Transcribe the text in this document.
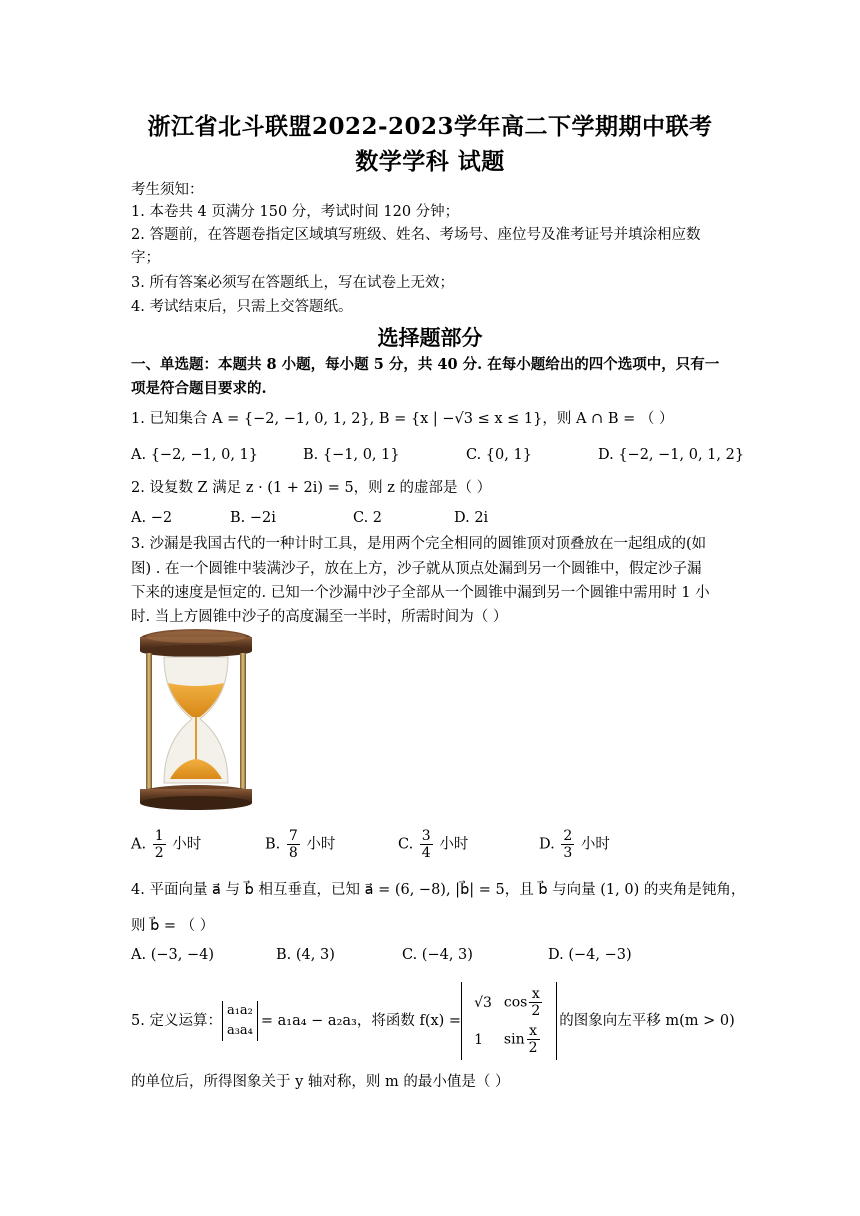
浙江省北斗联盟2022-2023学年高二下学期期中联考
数学学科 试题
考生须知：
1. 本卷共 4 页满分 150 分，考试时间 120 分钟；
2. 答题前，在答题卷指定区域填写班级、姓名、考场号、座位号及准考证号并填涂相应数
字；
3. 所有答案必须写在答题纸上，写在试卷上无效；
4. 考试结束后，只需上交答题纸。
选择题部分
一、单选题：本题共 8 小题，每小题 5 分，共 40 分. 在每小题给出的四个选项中，只有一
项是符合题目要求的.
1. 已知集合 A = {−2, −1, 0, 1, 2}, B = {x | −√3 ≤ x ≤ 1}，则 A ∩ B = （ ）
A. {−2, −1, 0, 1}	B. {−1, 0, 1}	C. {0, 1}	D. {−2, −1, 0, 1, 2}
2. 设复数 Z 满足 z · (1 + 2i) = 5，则 z 的虚部是（ ）
A. −2	B. −2i	C. 2	D. 2i
3. 沙漏是我国古代的一种计时工具，是用两个完全相同的圆锥顶对顶叠放在一起组成的(如
图) . 在一个圆锥中装满沙子，放在上方，沙子就从顶点处漏到另一个圆锥中，假定沙子漏
下来的速度是恒定的. 已知一个沙漏中沙子全部从一个圆锥中漏到另一个圆锥中需用时 1 小
时. 当上方圆锥中沙子的高度漏至一半时，所需时间为（ ）
A. $\frac{1}{2}$ 小时	B. $\frac{7}{8}$ 小时	C. $\frac{3}{4}$ 小时	D. $\frac{2}{3}$ 小时
4. 平面向量 a⃗ 与 b⃗ 相互垂直，已知 a⃗ = (6, −8), |b⃗| = 5，且 b⃗ 与向量 (1, 0) 的夹角是钝角，
则 b⃗ = （ ）
A. (−3, −4)	B. (4, 3)	C. (−4, 3)	D. (−4, −3)
5. 定义运算：
a₁a₂
a₃a₄
= a₁a₄ − a₂a₃，将函数 f(x) =
√3	$\cos \frac{x}{2}$

1	$\sin \frac{x}{2}$
的图象向左平移 m(m > 0)
的单位后，所得图象关于 y 轴对称，则 m 的最小值是（ ）
